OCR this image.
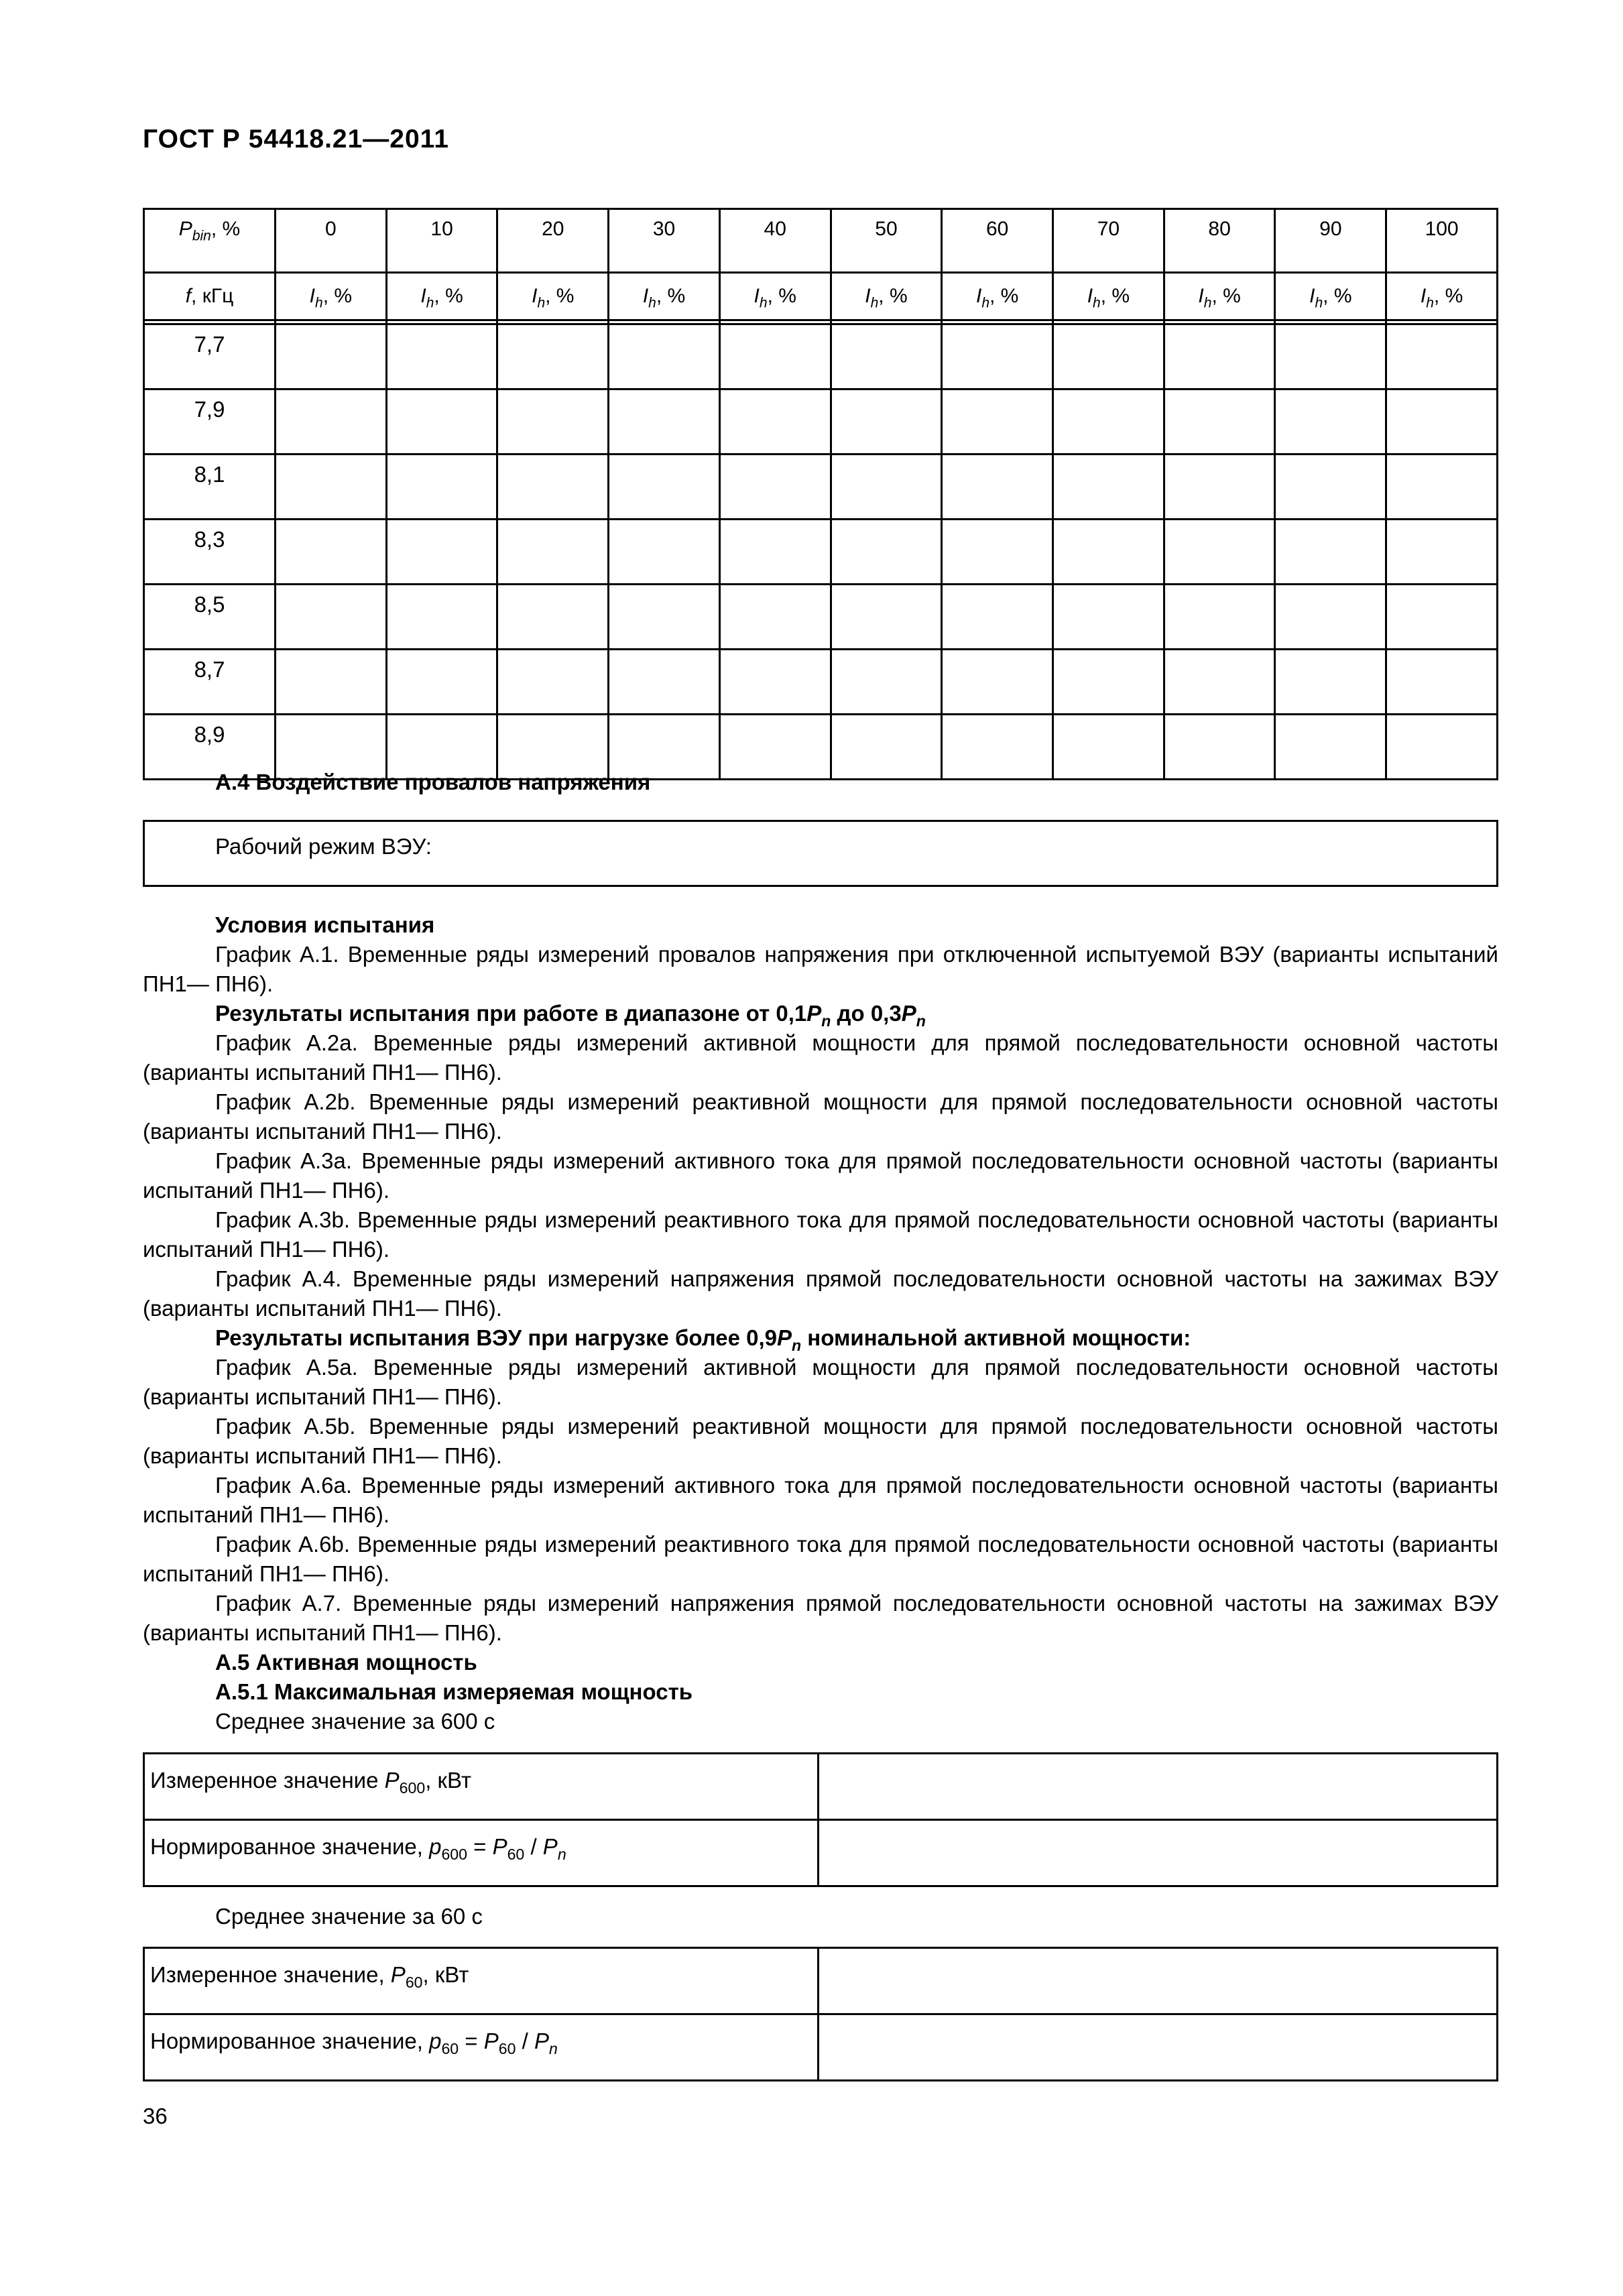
ГОСТ Р 54418.21—2011
$P_{bin}$, %	0	10	20	30	40	50	60	70	80	90	100
f, кГц	$I_h$, %	$I_h$, %	$I_h$, %	$I_h$, %	$I_h$, %	$I_h$, %	$I_h$, %	$I_h$, %	$I_h$, %	$I_h$, %	$I_h$, %

7,7											
7,9											
8,1											
8,3											
8,5											
8,7											
8,9											
А.4 Воздействие провалов напряжения
Рабочий режим ВЭУ:

Условия испытания

График А.1. Временные ряды измерений провалов напряжения при отключенной испытуемой ВЭУ (варианты испытаний ПН1— ПН6).

Результаты испытания при работе в диапазоне от $0,1P_n$ до $0,3P_n$

График А.2a. Временные ряды измерений активной мощности для прямой последовательности основной частоты (варианты испытаний ПН1— ПН6).

График А.2b. Временные ряды измерений реактивной мощности для прямой последовательности основной частоты (варианты испытаний ПН1— ПН6).

График А.3a. Временные ряды измерений активного тока для прямой последовательности основной частоты (варианты испытаний ПН1— ПН6).

График А.3b. Временные ряды измерений реактивного тока для прямой последовательности основной частоты (варианты испытаний ПН1— ПН6).

График А.4. Временные ряды измерений напряжения прямой последовательности основной частоты на зажимах ВЭУ (варианты испытаний ПН1— ПН6).

Результаты испытания ВЭУ при нагрузке более $0,9P_n$ номинальной активной мощности:

График А.5a. Временные ряды измерений активной мощности для прямой последовательности основной частоты (варианты испытаний ПН1— ПН6).

График А.5b. Временные ряды измерений реактивной мощности для прямой последовательности основной частоты (варианты испытаний ПН1— ПН6).

График А.6a. Временные ряды измерений активного тока для прямой последовательности основной частоты (варианты испытаний ПН1— ПН6).

График А.6b. Временные ряды измерений реактивного тока для прямой последовательности основной частоты (варианты испытаний ПН1— ПН6).

График А.7. Временные ряды измерений напряжения прямой последовательности основной частоты на зажимах ВЭУ (варианты испытаний ПН1— ПН6).

А.5 Активная мощность

А.5.1 Максимальная измеряемая мощность

Среднее значение за 600 с

Измеренное значение $P_{600}$, кВт	
Нормированное значение, $p_{600} = P_{60} / P_n$	
Среднее значение за 60 с
Измеренное значение, $P_{60}$, кВт	
Нормированное значение, $p_{60} = P_{60} / P_n$	
36
